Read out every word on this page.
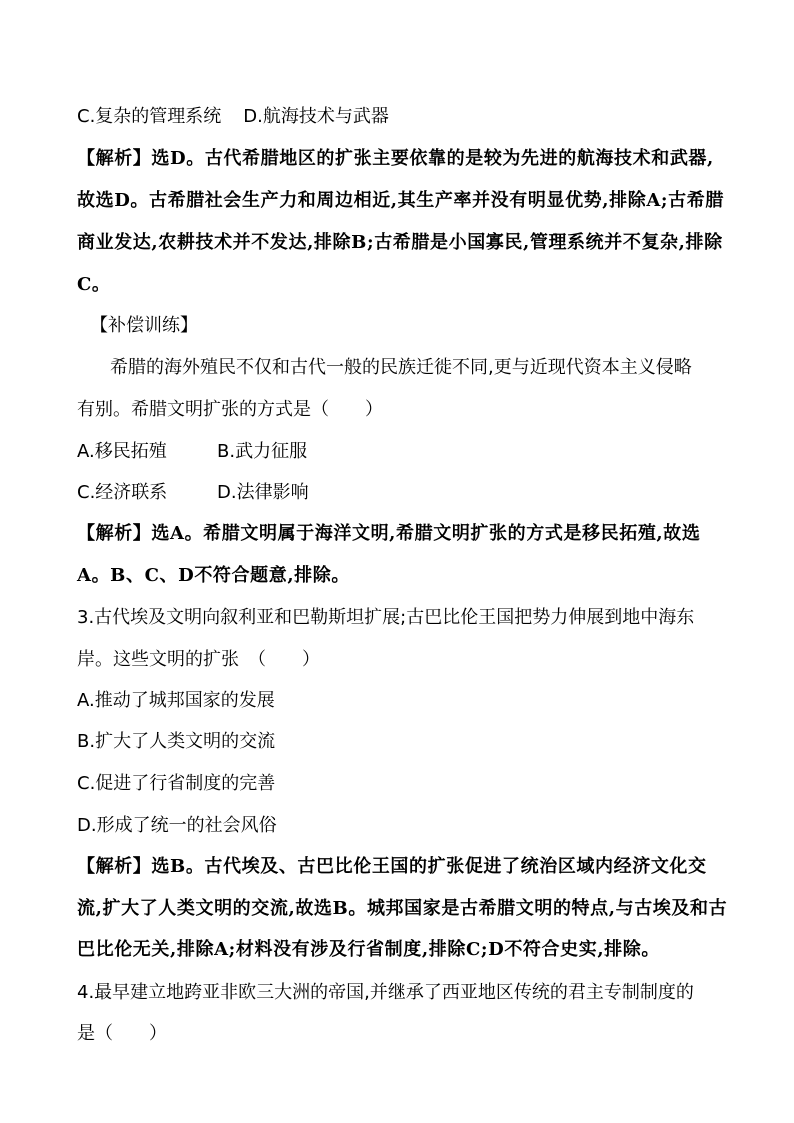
C.复杂的管理系统 D.航海技术与武器
【解析】选D。古代希腊地区的扩张主要依靠的是较为先进的航海技术和武器,
故选D。古希腊社会生产力和周边相近,其生产率并没有明显优势,排除A;古希腊
商业发达,农耕技术并不发达,排除B;古希腊是小国寡民,管理系统并不复杂,排除
C。
【补偿训练】
希腊的海外殖民不仅和古代一般的民族迁徙不同,更与近现代资本主义侵略
有别。希腊文明扩张的方式是（　　）
A.移民拓殖	B.武力征服
C.经济联系	D.法律影响
【解析】选A。希腊文明属于海洋文明,希腊文明扩张的方式是移民拓殖,故选
A。B、C、D不符合题意,排除。
3.古代埃及文明向叙利亚和巴勒斯坦扩展;古巴比伦王国把势力伸展到地中海东
岸。这些文明的扩张　（　　）
A.推动了城邦国家的发展
B.扩大了人类文明的交流
C.促进了行省制度的完善
D.形成了统一的社会风俗
【解析】选B。古代埃及、古巴比伦王国的扩张促进了统治区域内经济文化交
流,扩大了人类文明的交流,故选B。城邦国家是古希腊文明的特点,与古埃及和古
巴比伦无关,排除A;材料没有涉及行省制度,排除C;D不符合史实,排除。
4.最早建立地跨亚非欧三大洲的帝国,并继承了西亚地区传统的君主专制制度的
是（　　）
